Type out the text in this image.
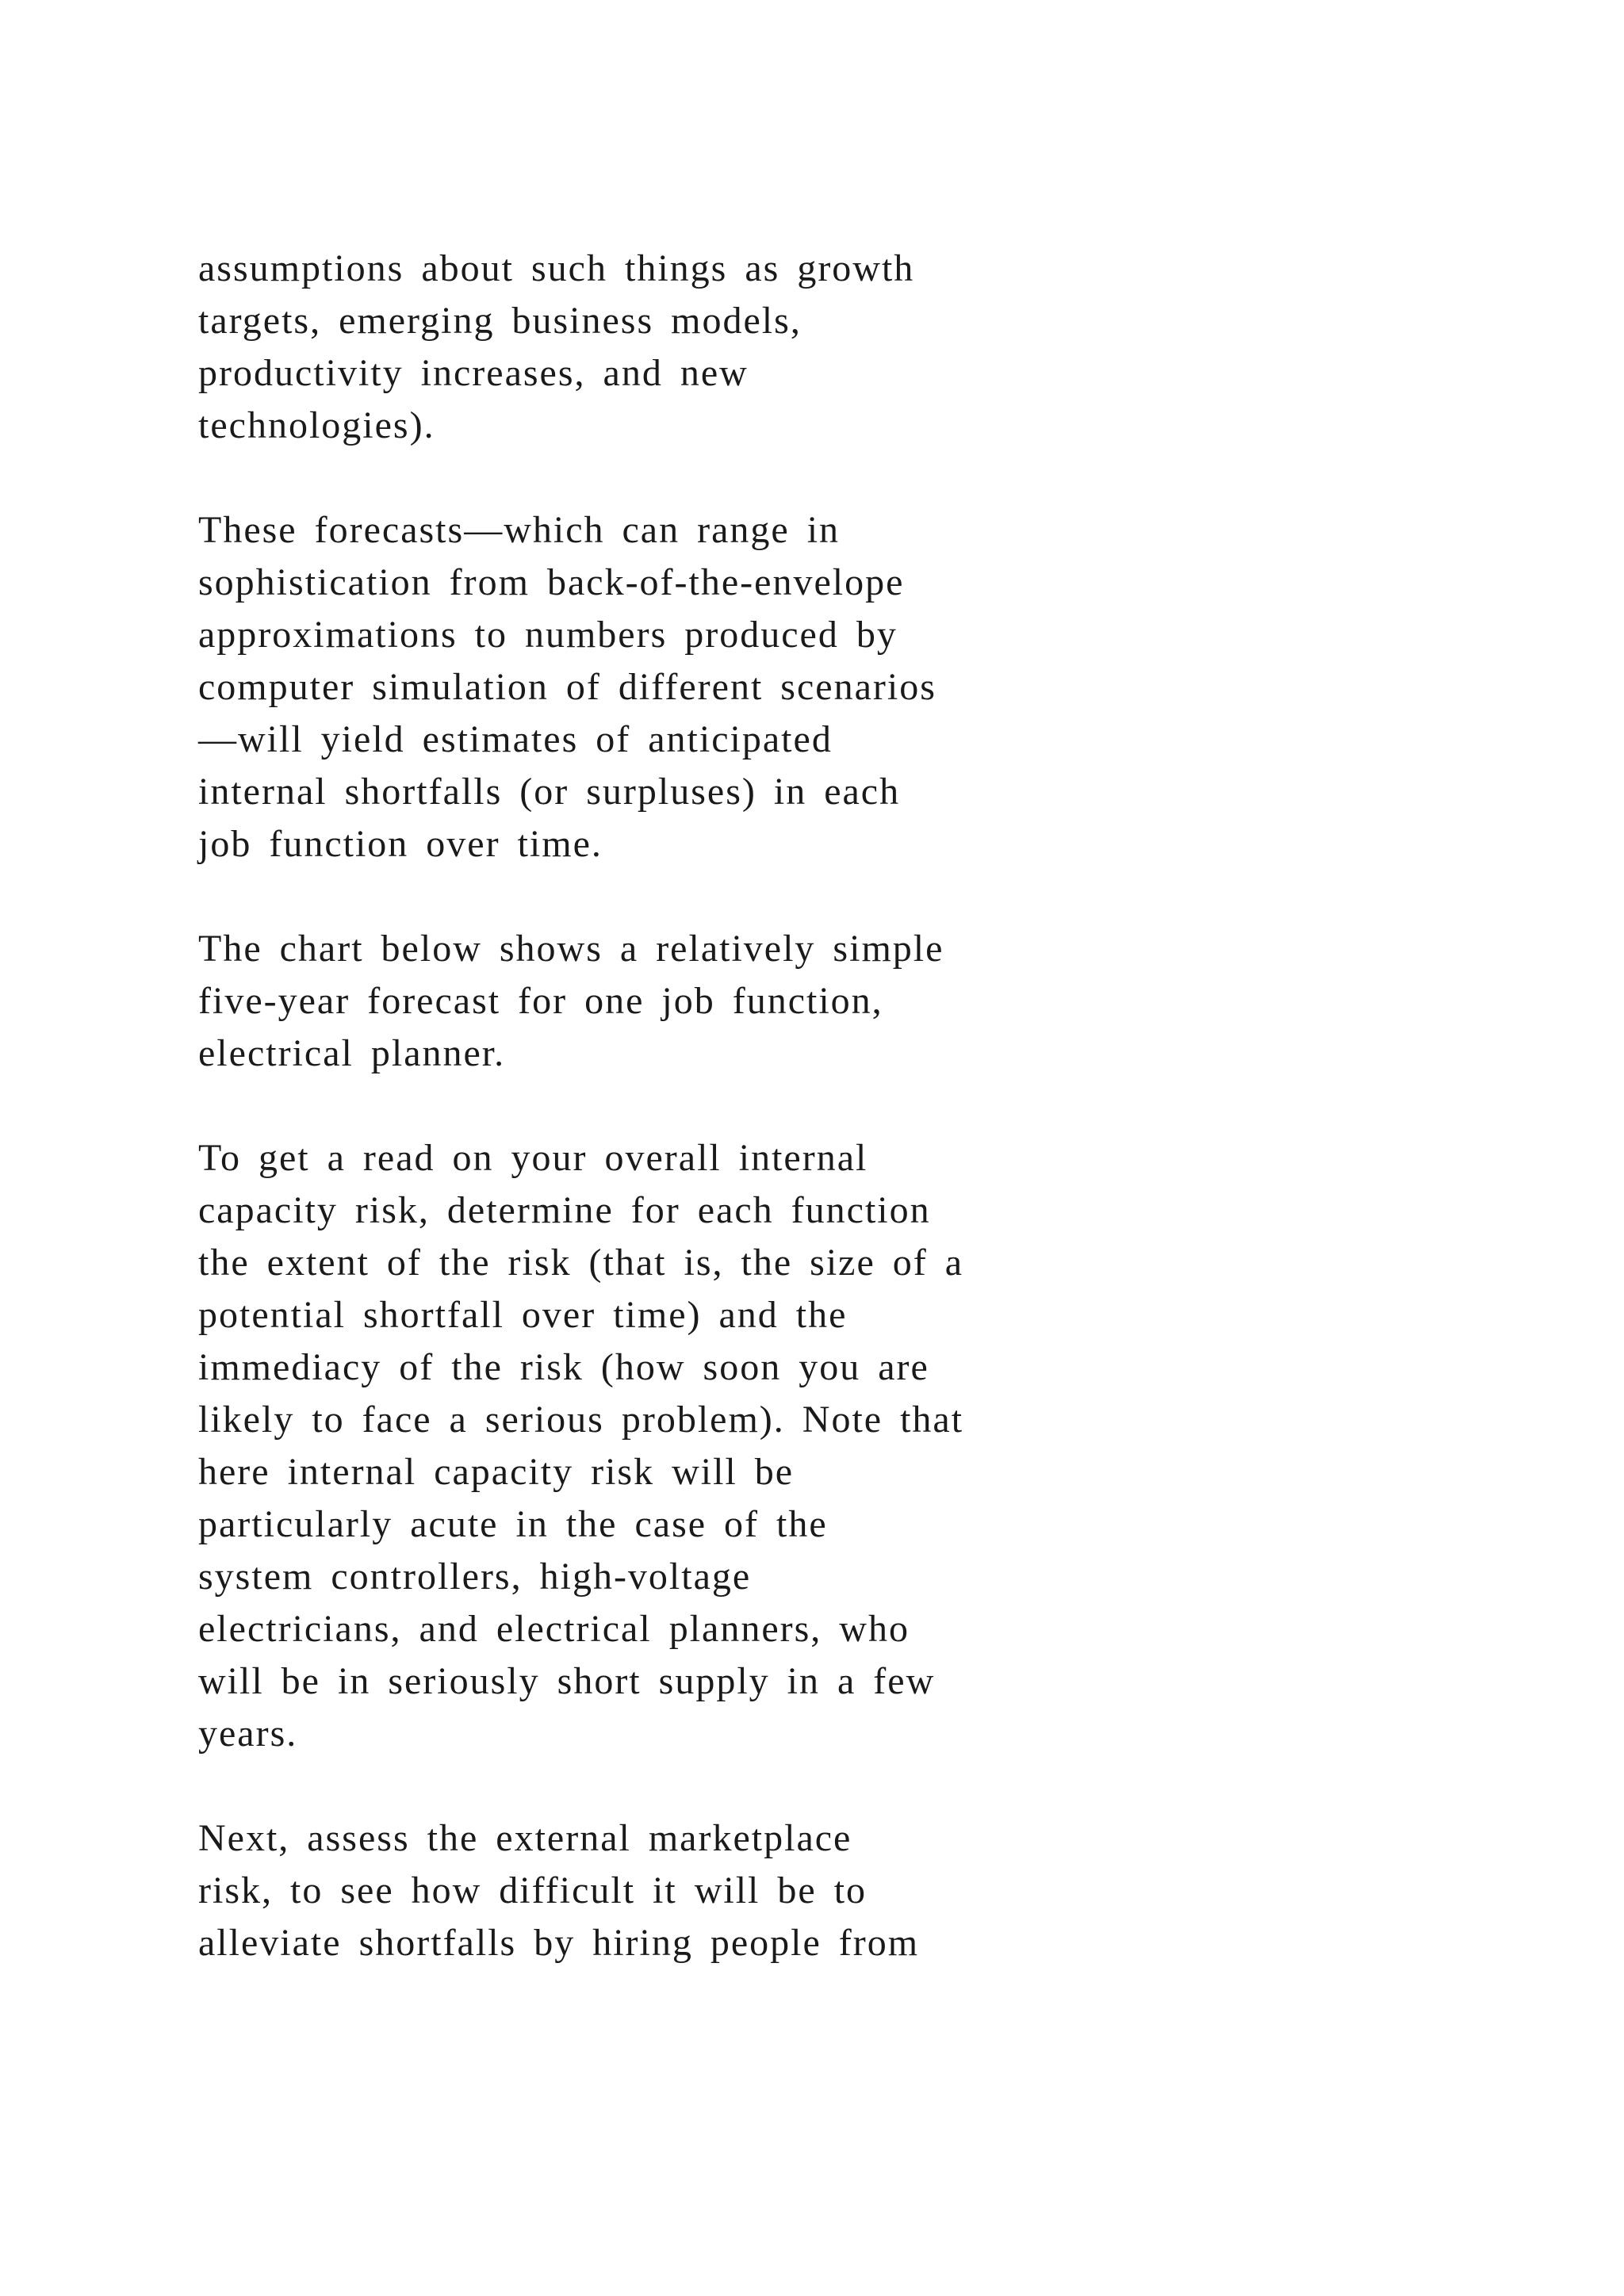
assumptions about such things as growth
targets, emerging business models,
productivity increases, and new
technologies).

These forecasts—which can range in
sophistication from back-of-the-envelope
approximations to numbers produced by
computer simulation of different scenarios
—will yield estimates of anticipated
internal shortfalls (or surpluses) in each
job function over time.

The chart below shows a relatively simple
five-year forecast for one job function,
electrical planner.

To get a read on your overall internal
capacity risk, determine for each function
the extent of the risk (that is, the size of a
potential shortfall over time) and the
immediacy of the risk (how soon you are
likely to face a serious problem). Note that
here internal capacity risk will be
particularly acute in the case of the
system controllers, high-voltage
electricians, and electrical planners, who
will be in seriously short supply in a few
years.

Next, assess the external marketplace
risk, to see how difficult it will be to
alleviate shortfalls by hiring people from
